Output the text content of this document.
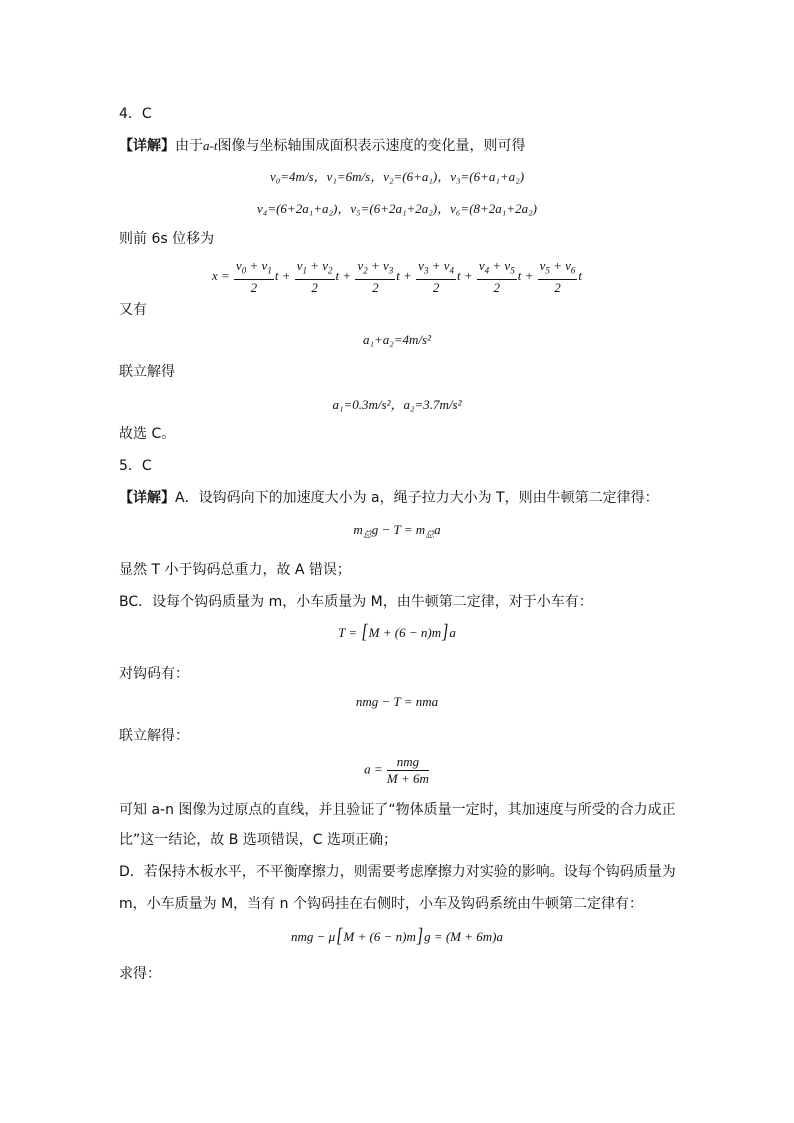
4．C
【详解】由于a-t图像与坐标轴围成面积表示速度的变化量，则可得
v₀=4m/s，v₁=6m/s，v₂=(6+a₁)，v₃=(6+a₁+a₂)
v₄=(6+2a₁+a₂)，v₅=(6+2a₁+2a₂)，v₆=(8+2a₁+2a₂)
则前 6s 位移为
$x = \frac{v_0 + v_1}{2}$ $t + \frac{v_1 + v_2}{2}$ $t + \frac{v_2 + v_3}{2}$ $t + \frac{v_3 + v_4}{2}$ $t + \frac{v_4 + v_5}{2}$ $t + \frac{v_5 + v_6}{2}$ t
又有
a₁+a₂=4m/s²
联立解得
a₁=0.3m/s²，a₂=3.7m/s²
故选 C。
5．C
【详解】A．设钩码向下的加速度大小为 a，绳子拉力大小为 T，则由牛顿第二定律得：
$m_总g - T = m_总a$
显然 T 小于钩码总重力，故 A 错误；
BC．设每个钩码质量为 m，小车质量为 M，由牛顿第二定律，对于小车有：
T = [M + (6 − n)m]a
对钩码有：
nmg − T = nma
联立解得：
$a = \frac{\text{nmg}}{M + 6m}$
可知 a-n 图像为过原点的直线，并且验证了“物体质量一定时，其加速度与所受的合力成正
比”这一结论，故 B 选项错误，C 选项正确；
D．若保持木板水平，不平衡摩擦力，则需要考虑摩擦力对实验的影响。设每个钩码质量为
m，小车质量为 M，当有 n 个钩码挂在右侧时，小车及钩码系统由牛顿第二定律有：
nmg − μ[M + (6 − n)m]g = (M + 6m)a
求得：
